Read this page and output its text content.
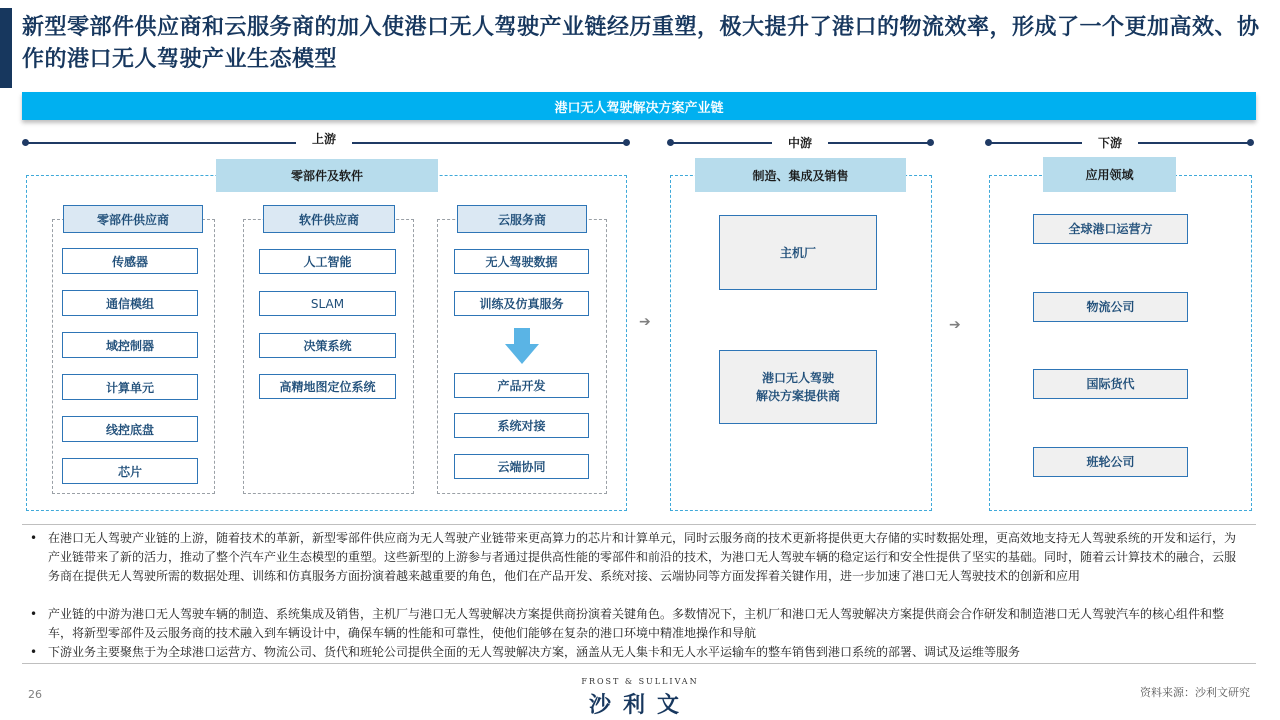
新型零部件供应商和云服务商的加入使港口无人驾驶产业链经历重塑，极大提升了港口的物流效率，形成了一个更加高效、协作的港口无人驾驶产业生态模型
港口无人驾驶解决方案产业链
上游	中游	下游
零部件及软件
零部件供应商
传感器
通信模组
域控制器
计算单元
线控底盘
芯片
软件供应商
人工智能
SLAM
决策系统
高精地图定位系统
云服务商
无人驾驶数据
训练及仿真服务
产品开发
系统对接
云端协同
➔
制造、集成及销售
主机厂
港口无人驾驶
解决方案提供商
➔
应用领域
全球港口运营方
物流公司
国际货代
班轮公司
• 在港口无人驾驶产业链的上游，随着技术的革新，新型零部件供应商为无人驾驶产业链带来更高算力的芯片和计算单元，同时云服务商的技术更新将提供更大存储的实时数据处理，更高效地支持无人驾驶系统的开发和运行，为产业链带来了新的活力，推动了整个汽车产业生态模型的重塑。这些新型的上游参与者通过提供高性能的零部件和前沿的技术，为港口无人驾驶车辆的稳定运行和安全性提供了坚实的基础。同时，随着云计算技术的融合，云服务商在提供无人驾驶所需的数据处理、训练和仿真服务方面扮演着越来越重要的角色，他们在产品开发、系统对接、云端协同等方面发挥着关键作用，进一步加速了港口无人驾驶技术的创新和应用
• 产业链的中游为港口无人驾驶车辆的制造、系统集成及销售，主机厂与港口无人驾驶解决方案提供商扮演着关键角色。多数情况下，主机厂和港口无人驾驶解决方案提供商会合作研发和制造港口无人驾驶汽车的核心组件和整车，将新型零部件及云服务商的技术融入到车辆设计中，确保车辆的性能和可靠性，使他们能够在复杂的港口环境中精准地操作和导航
• 下游业务主要聚焦于为全球港口运营方、物流公司、货代和班轮公司提供全面的无人驾驶解决方案，涵盖从无人集卡和无人水平运输车的整车销售到港口系统的部署、调试及运维等服务
26
FROST & SULLIVAN
沙利文
资料来源：沙利文研究
